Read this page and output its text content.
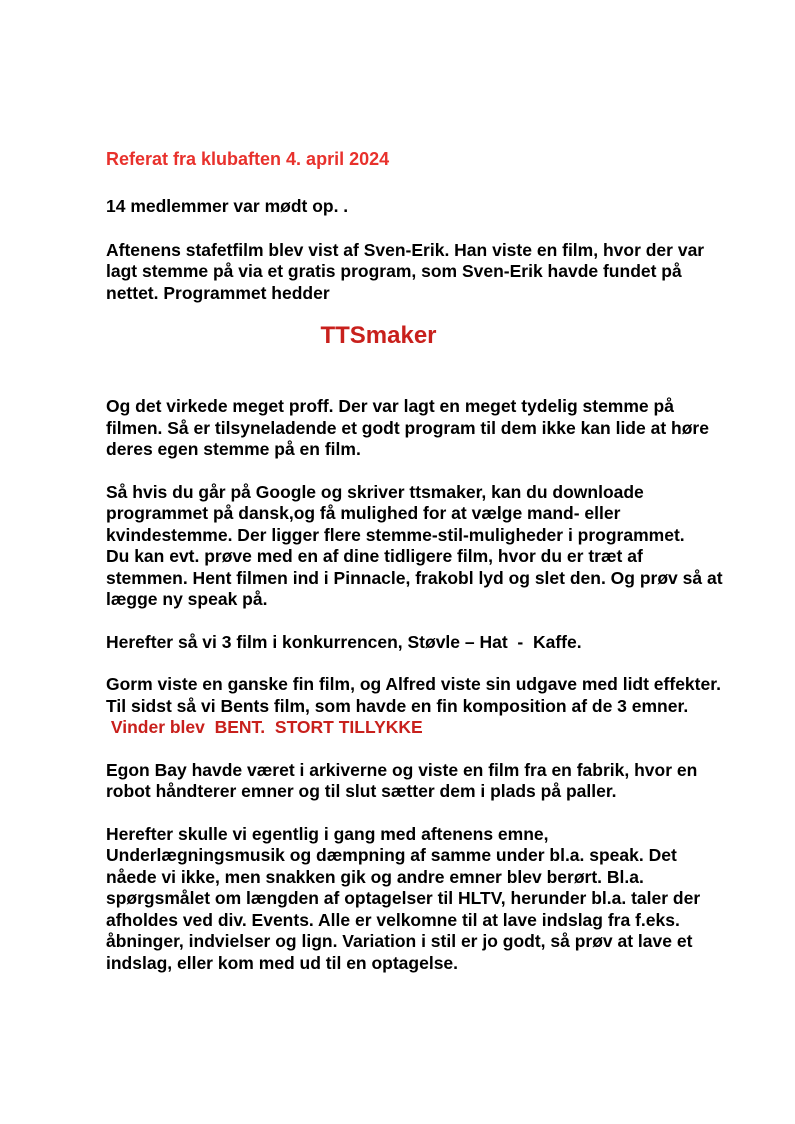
Referat fra klubaften 4. april 2024

14 medlemmer var mødt op. .

Aftenens stafetfilm blev vist af Sven-Erik. Han viste en film, hvor der var lagt stemme på via et gratis program, som Sven-Erik havde fundet på nettet. Programmet hedder

TTSmaker

Og det virkede meget proff. Der var lagt en meget tydelig stemme på filmen. Så er tilsyneladende et godt program til dem ikke kan lide at høre deres egen stemme på en film.

Så hvis du går på Google og skriver ttsmaker, kan du downloade programmet på dansk,og få mulighed for at vælge mand- eller kvindestemme. Der ligger flere stemme-stil-muligheder i programmet.

Du kan evt. prøve med en af dine tidligere film, hvor du er træt af stemmen. Hent filmen ind i Pinnacle, frakobl lyd og slet den. Og prøv så at lægge ny speak på.

Herefter så vi 3 film i konkurrencen, Støvle – Hat  -  Kaffe.

Gorm viste en ganske fin film, og Alfred viste sin udgave med lidt effekter. Til sidst så vi Bents film, som havde en fin komposition af de 3 emner.

Vinder blev  BENT.  STORT TILLYKKE

Egon Bay havde været i arkiverne og viste en film fra en fabrik, hvor en robot håndterer emner og til slut sætter dem i plads på paller.

Herefter skulle vi egentlig i gang med aftenens emne, Underlægningsmusik og dæmpning af samme under bl.a. speak. Det nåede vi ikke, men snakken gik og andre emner blev berørt. Bl.a. spørgsmålet om længden af optagelser til HLTV, herunder bl.a. taler der afholdes ved div. Events. Alle er velkomne til at lave indslag fra f.eks. åbninger, indvielser og lign. Variation i stil er jo godt, så prøv at lave et indslag, eller kom med ud til en optagelse.
